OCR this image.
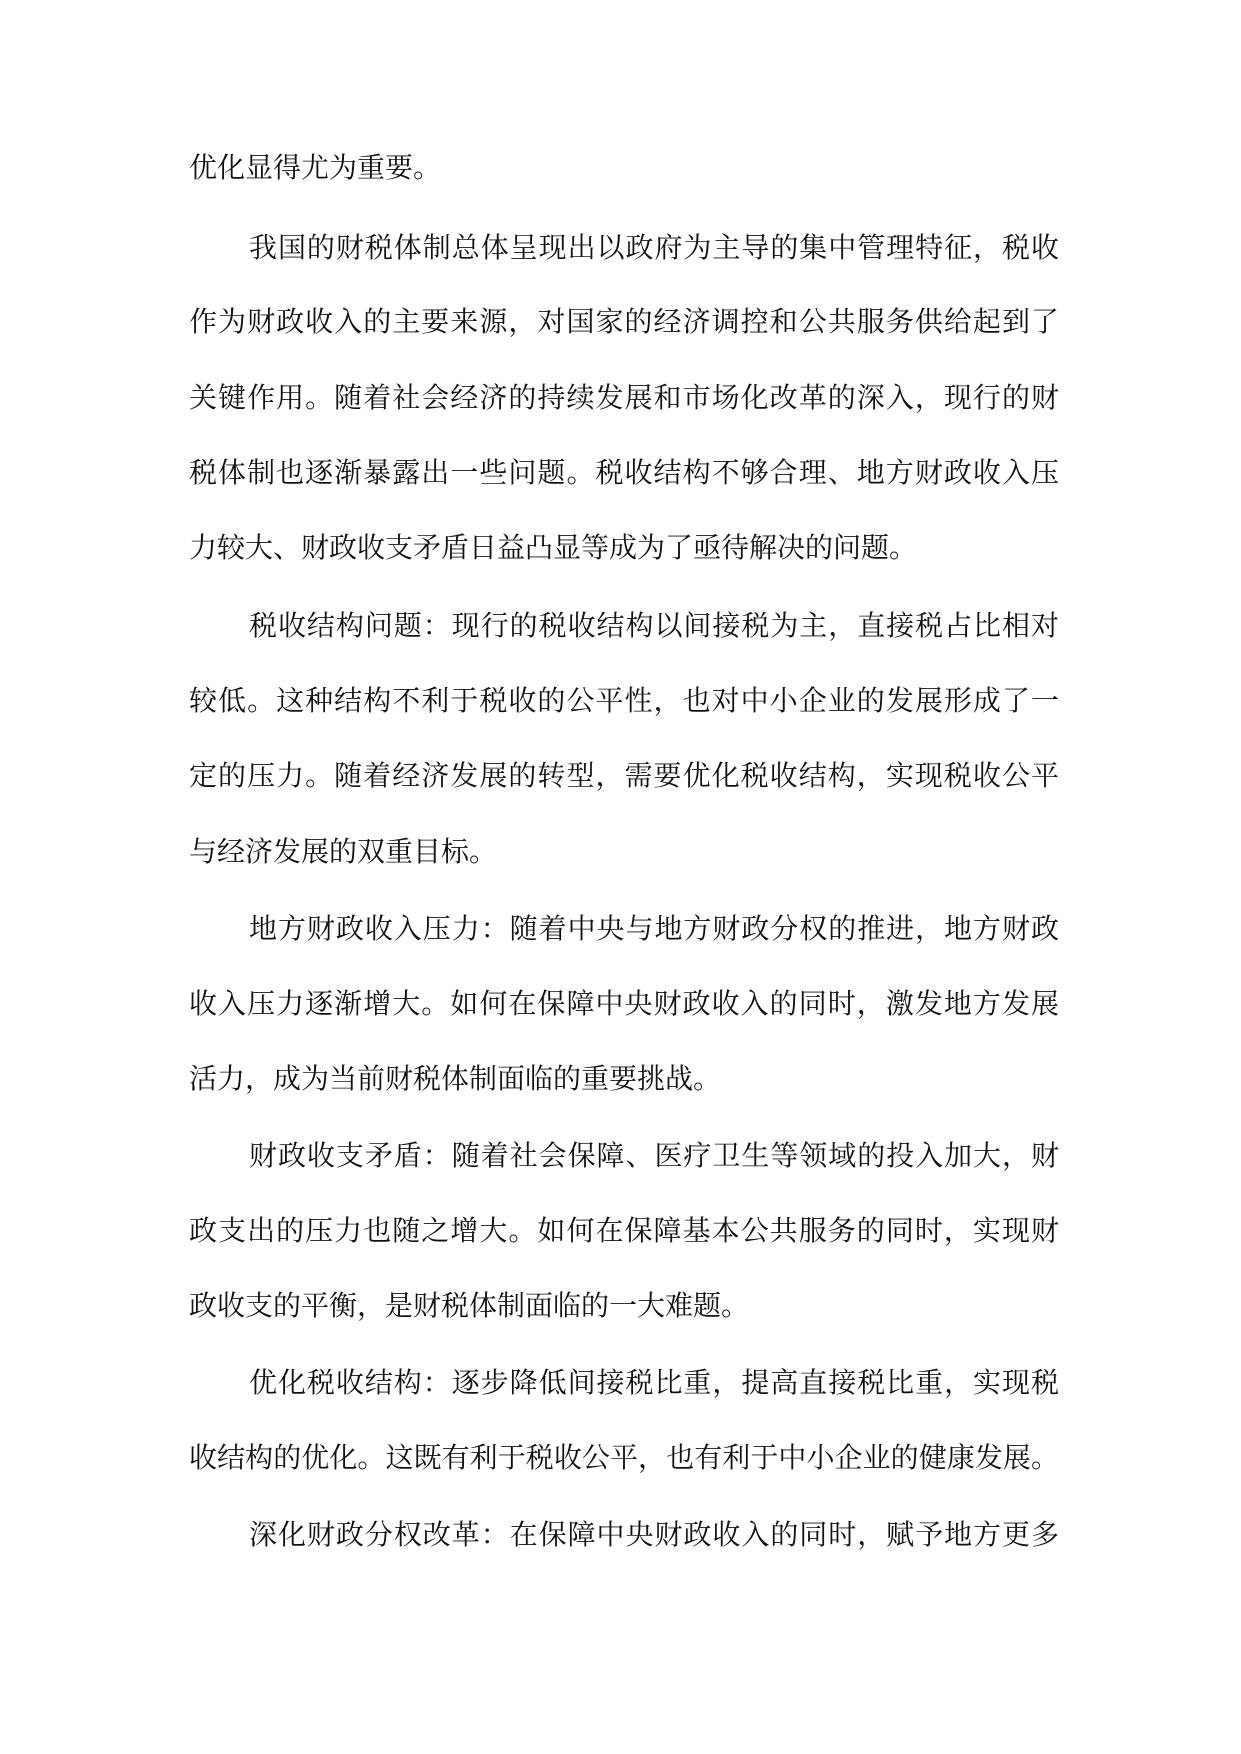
优化显得尤为重要。
我国的财税体制总体呈现出以政府为主导的集中管理特征，税收
作为财政收入的主要来源，对国家的经济调控和公共服务供给起到了
关键作用。随着社会经济的持续发展和市场化改革的深入，现行的财
税体制也逐渐暴露出一些问题。税收结构不够合理、地方财政收入压
力较大、财政收支矛盾日益凸显等成为了亟待解决的问题。
税收结构问题：现行的税收结构以间接税为主，直接税占比相对
较低。这种结构不利于税收的公平性，也对中小企业的发展形成了一
定的压力。随着经济发展的转型，需要优化税收结构，实现税收公平
与经济发展的双重目标。
地方财政收入压力：随着中央与地方财政分权的推进，地方财政
收入压力逐渐增大。如何在保障中央财政收入的同时，激发地方发展
活力，成为当前财税体制面临的重要挑战。
财政收支矛盾：随着社会保障、医疗卫生等领域的投入加大，财
政支出的压力也随之增大。如何在保障基本公共服务的同时，实现财
政收支的平衡，是财税体制面临的一大难题。
优化税收结构：逐步降低间接税比重，提高直接税比重，实现税
收结构的优化。这既有利于税收公平，也有利于中小企业的健康发展。
深化财政分权改革：在保障中央财政收入的同时，赋予地方更多
